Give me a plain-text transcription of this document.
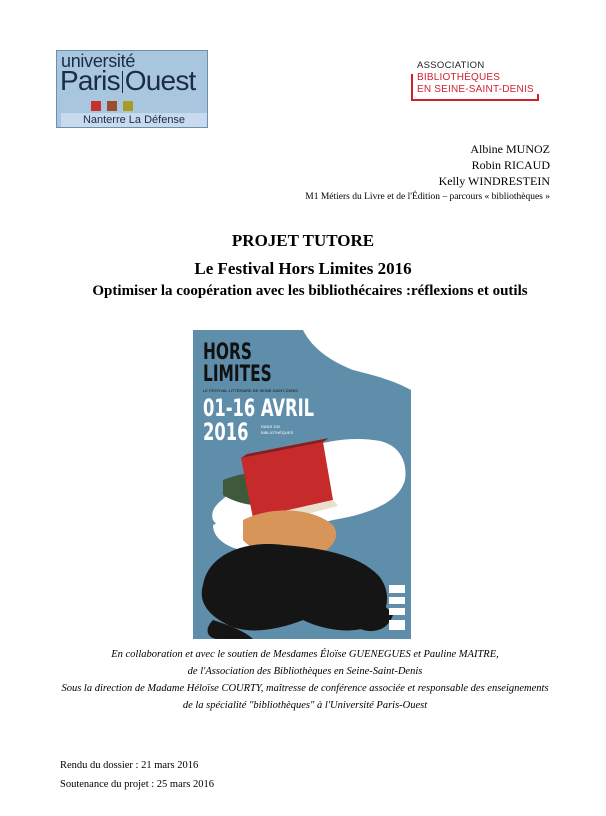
université
Paris Ouest
Nanterre La Défense
ASSOCIATION
BIBLIOTHÈQUES
EN SEINE-SAINT-DENIS
Albine MUNOZ
Robin RICAUD
Kelly WINDRESTEIN
M1 Métiers du Livre et de l'Édition – parcours « bibliothèques »
PROJET TUTORE
Le Festival Hors Limites 2016
Optimiser la coopération avec les bibliothécaires :réflexions et outils
HORS
LIMITES
LE FESTIVAL LITTÉRAIRE DE SEINE-SAINT-DENIS
01-16 AVRIL
2016	DANS 100 BIBLIOTHÈQUES
En collaboration et avec le soutien de Mesdames Éloïse GUENEGUES et Pauline MAITRE,
de l'Association des Bibliothèques en Seine-Saint-Denis
Sous la direction de Madame Héloïse COURTY, maîtresse de conférence associée et responsable des enseignements de la spécialité "bibliothèques" à l'Université Paris-Ouest
Rendu du dossier : 21 mars 2016
Soutenance du projet : 25 mars 2016
